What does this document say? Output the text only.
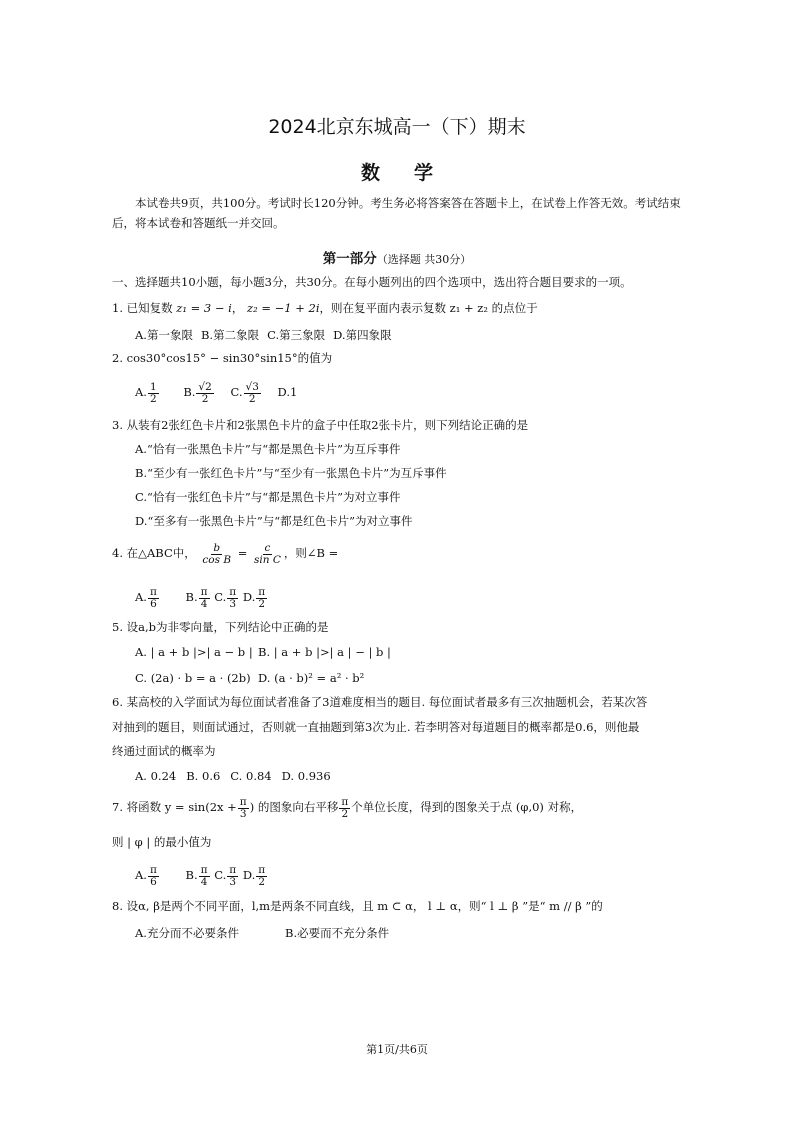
2024北京东城高一（下）期末
数学
本试卷共9页，共100分。考试时长120分钟。考生务必将答案答在答题卡上，在试卷上作答无效。考试结束后，将本试卷和答题纸一并交回。
第一部分（选择题 共30分）
一、选择题共10小题，每小题3分，共30分。在每小题列出的四个选项中，选出符合题目要求的一项。
1. 已知复数 z₁ = 3 − i， z₂ = −1 + 2i，则在复平面内表示复数 z₁ + z₂ 的点位于
A.第一象限 B.第二象限 C.第三象限 D.第四象限
2. cos30°cos15° − sin30°sin15°的值为
A. $\frac{1}{2} B$. $\frac{√2}{2} C$. $\frac{√3}{2} D.1$
3. 从装有2张红色卡片和2张黑色卡片的盒子中任取2张卡片，则下列结论正确的是
A.“恰有一张黑色卡片”与“都是黑色卡片”为互斥事件
B.“至少有一张红色卡片”与“至少有一张黑色卡片”为互斥事件
C.“恰有一张红色卡片”与“都是黑色卡片”为对立事件
D.“至多有一张黑色卡片”与“都是红色卡片”为对立事件
4. 在△ABC中， $\frac{b}{\text{cos B}} = \frac{c}{\text{sin C}}$ ，则∠B =
A. $\frac{\pi}{6} B$. $\frac{\pi}{4} C$. $\frac{\pi}{3} D$. $\frac{\pi}{2}$
5. 设a,b为非零向量，下列结论中正确的是
A. | a + b |>| a − b | B. | a + b |>| a | − | b |
C. (2a) · b = a · (2b) D. (a · b)² = a² · b²
6. 某高校的入学面试为每位面试者准备了3道难度相当的题目. 每位面试者最多有三次抽题机会，若某次答
对抽到的题目，则面试通过，否则就一直抽题到第3次为止. 若李明答对每道题目的概率都是0.6，则他最
终通过面试的概率为
A. 0.24 B. 0.6 C. 0.84 D. 0.936
7. 将函数 $y = \sin(2x + \frac{\pi}{3}$ ) 的图象向右平移 $\frac{\pi}{2}$ 个单位长度，得到的图象关于点 (φ,0) 对称，
则 | φ | 的最小值为
A. $\frac{\pi}{6} B$. $\frac{\pi}{4} C$. $\frac{\pi}{3} D$. $\frac{\pi}{2}$
8. 设α, β是两个不同平面，l,m是两条不同直线，且 m ⊂ α， l ⊥ α，则“ l ⊥ β ”是“ m // β ”的
A.充分而不必要条件	B.必要而不充分条件
第1页/共6页
